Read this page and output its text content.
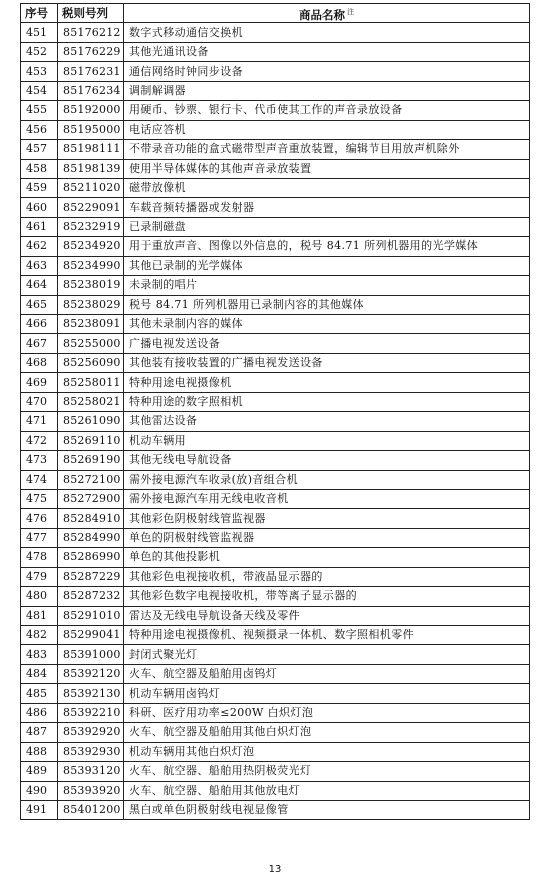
序号	税则号列	商品名称 $^注$
451	85176212	数字式移动通信交换机
452	85176229	其他光通讯设备
453	85176231	通信网络时钟同步设备
454	85176234	调制解调器
455	85192000	用硬币、钞票、银行卡、代币使其工作的声音录放设备
456	85195000	电话应答机
457	85198111	不带录音功能的盒式磁带型声音重放装置，编辑节目用放声机除外
458	85198139	使用半导体媒体的其他声音录放装置
459	85211020	磁带放像机
460	85229091	车载音频转播器或发射器
461	85232919	已录制磁盘
462	85234920	用于重放声音、图像以外信息的，税号 84.71 所列机器用的光学媒体
463	85234990	其他已录制的光学媒体
464	85238019	未录制的唱片
465	85238029	税号 84.71 所列机器用已录制内容的其他媒体
466	85238091	其他未录制内容的媒体
467	85255000	广播电视发送设备
468	85256090	其他装有接收装置的广播电视发送设备
469	85258011	特种用途电视摄像机
470	85258021	特种用途的数字照相机
471	85261090	其他雷达设备
472	85269110	机动车辆用
473	85269190	其他无线电导航设备
474	85272100	需外接电源汽车收录(放)音组合机
475	85272900	需外接电源汽车用无线电收音机
476	85284910	其他彩色阴极射线管监视器
477	85284990	单色的阴极射线管监视器
478	85286990	单色的其他投影机
479	85287229	其他彩色电视接收机，带液晶显示器的
480	85287232	其他彩色数字电视接收机，带等离子显示器的
481	85291010	雷达及无线电导航设备天线及零件
482	85299041	特种用途电视摄像机、视频摄录一体机、数字照相机零件
483	85391000	封闭式聚光灯
484	85392120	火车、航空器及船舶用卤钨灯
485	85392130	机动车辆用卤钨灯
486	85392210	科研、医疗用功率≤200W 白炽灯泡
487	85392920	火车、航空器及船舶用其他白炽灯泡
488	85392930	机动车辆用其他白炽灯泡
489	85393120	火车、航空器、船舶用热阴极荧光灯
490	85393920	火车、航空器、船舶用其他放电灯
491	85401200	黑白或单色阴极射线电视显像管
13
